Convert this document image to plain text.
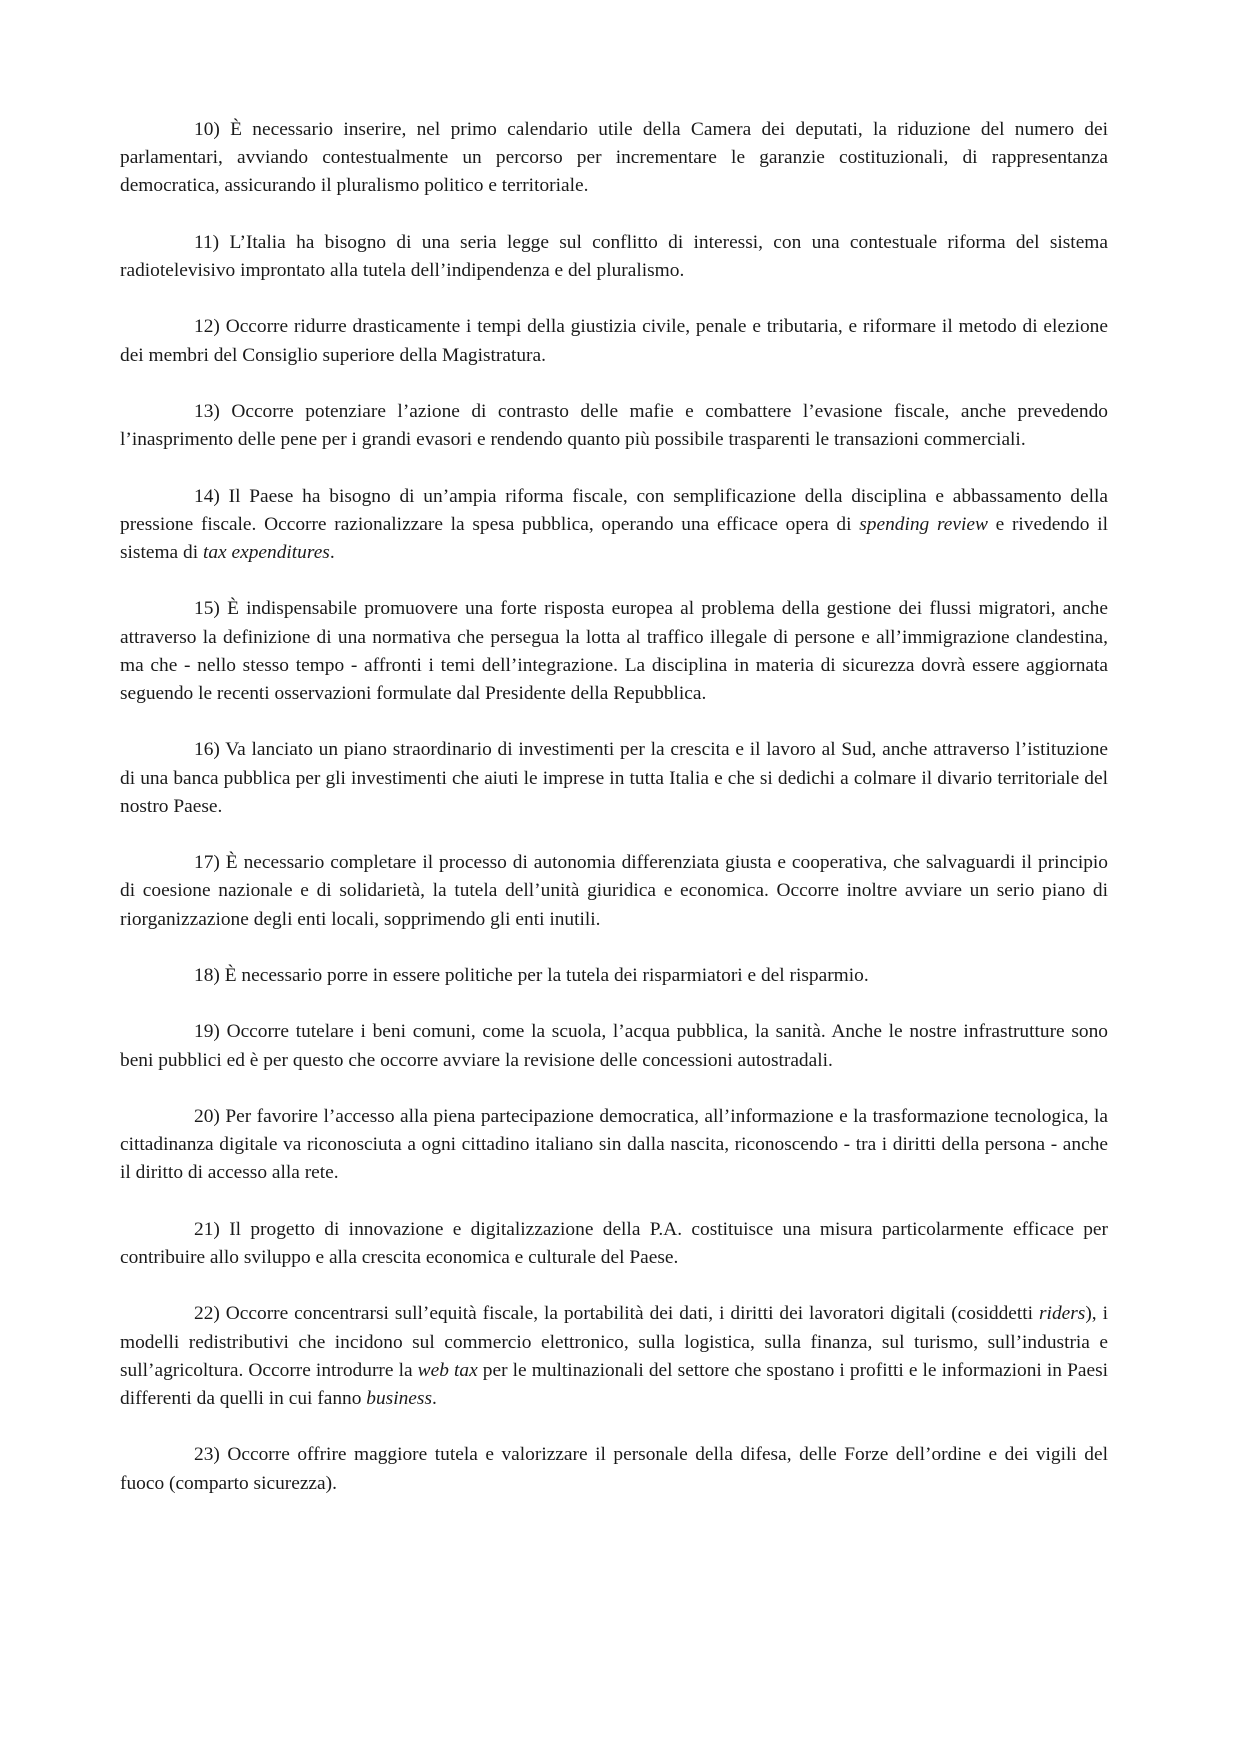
10) È necessario inserire, nel primo calendario utile della Camera dei deputati, la riduzione del numero dei parlamentari, avviando contestualmente un percorso per incrementare le garanzie costituzionali, di rappresentanza democratica, assicurando il pluralismo politico e territoriale.

11) L’Italia ha bisogno di una seria legge sul conflitto di interessi, con una contestuale riforma del sistema radiotelevisivo improntato alla tutela dell’indipendenza e del pluralismo.

12) Occorre ridurre drasticamente i tempi della giustizia civile, penale e tributaria, e riformare il metodo di elezione dei membri del Consiglio superiore della Magistratura.

13) Occorre potenziare l’azione di contrasto delle mafie e combattere l’evasione fiscale, anche prevedendo l’inasprimento delle pene per i grandi evasori e rendendo quanto più possibile trasparenti le transazioni commerciali.

14) Il Paese ha bisogno di un’ampia riforma fiscale, con semplificazione della disciplina e abbassamento della pressione fiscale. Occorre razionalizzare la spesa pubblica, operando una efficace opera di spending review e rivedendo il sistema di tax expenditures.

15) È indispensabile promuovere una forte risposta europea al problema della gestione dei flussi migratori, anche attraverso la definizione di una normativa che persegua la lotta al traffico illegale di persone e all’immigrazione clandestina, ma che - nello stesso tempo - affronti i temi dell’integrazione. La disciplina in materia di sicurezza dovrà essere aggiornata seguendo le recenti osservazioni formulate dal Presidente della Repubblica.

16) Va lanciato un piano straordinario di investimenti per la crescita e il lavoro al Sud, anche attraverso l’istituzione di una banca pubblica per gli investimenti che aiuti le imprese in tutta Italia e che si dedichi a colmare il divario territoriale del nostro Paese.

17) È necessario completare il processo di autonomia differenziata giusta e cooperativa, che salvaguardi il principio di coesione nazionale e di solidarietà, la tutela dell’unità giuridica e economica. Occorre inoltre avviare un serio piano di riorganizzazione degli enti locali, sopprimendo gli enti inutili.

18) È necessario porre in essere politiche per la tutela dei risparmiatori e del risparmio.

19) Occorre tutelare i beni comuni, come la scuola, l’acqua pubblica, la sanità. Anche le nostre infrastrutture sono beni pubblici ed è per questo che occorre avviare la revisione delle concessioni autostradali.

20) Per favorire l’accesso alla piena partecipazione democratica, all’informazione e la trasformazione tecnologica, la cittadinanza digitale va riconosciuta a ogni cittadino italiano sin dalla nascita, riconoscendo - tra i diritti della persona - anche il diritto di accesso alla rete.

21) Il progetto di innovazione e digitalizzazione della P.A. costituisce una misura particolarmente efficace per contribuire allo sviluppo e alla crescita economica e culturale del Paese.

22) Occorre concentrarsi sull’equità fiscale, la portabilità dei dati, i diritti dei lavoratori digitali (cosiddetti riders), i modelli redistributivi che incidono sul commercio elettronico, sulla logistica, sulla finanza, sul turismo, sull’industria e sull’agricoltura. Occorre introdurre la web tax per le multinazionali del settore che spostano i profitti e le informazioni in Paesi differenti da quelli in cui fanno business.

23) Occorre offrire maggiore tutela e valorizzare il personale della difesa, delle Forze dell’ordine e dei vigili del fuoco (comparto sicurezza).
